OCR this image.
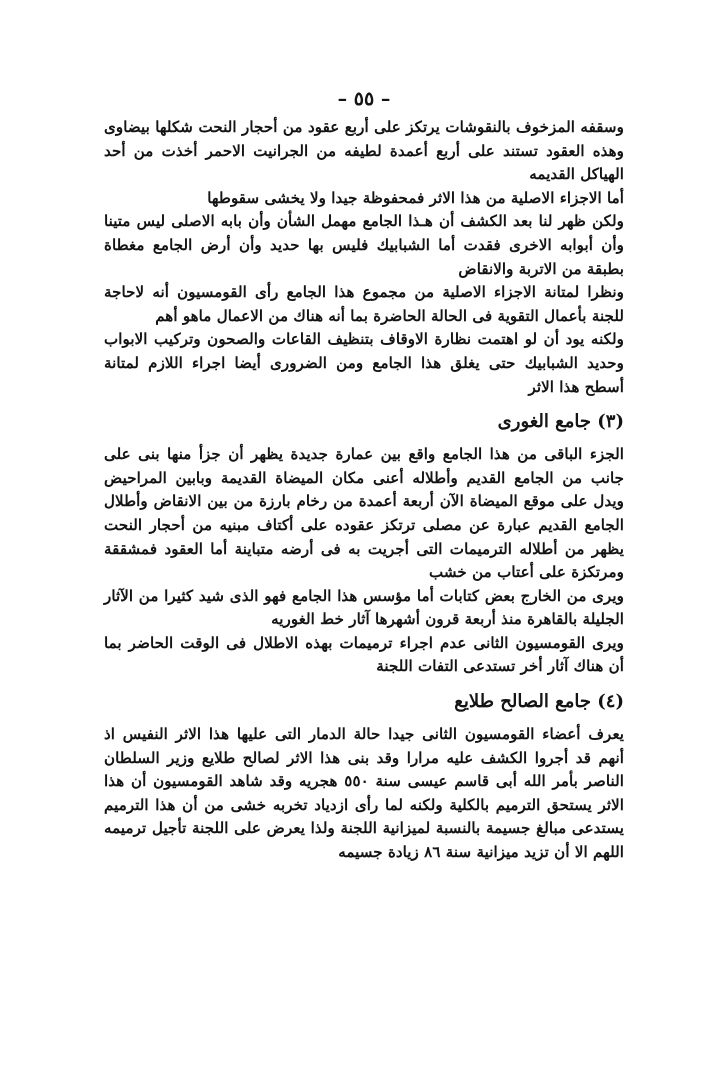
– ٥٥ –

وسقفه المزخوف بالنقوشات يرتكز على أربع عقود من أحجار النحت شكلها بيضاوى وهذه العقود تستند على أربع أعمدة لطيفه من الجرانيت الاحمر أخذت من أحد الهياكل القديمه

أما الاجزاء الاصلية من هذا الاثر فمحفوظة جيدا ولا يخشى سقوطها

ولكن ظهر لنا بعد الكشف أن هـذا الجامع مهمل الشأن وأن بابه الاصلى ليس متينا وأن أبوابه الاخرى فقدت أما الشبابيك فليس بها حديد وأن أرض الجامع مغطاة بطبقة من الاتربة والانقاض

ونظرا لمتانة الاجزاء الاصلية من مجموع هذا الجامع رأى القومسيون أنه لاحاجة للجنة بأعمال التقوية فى الحالة الحاضرة بما أنه هناك من الاعمال ماهو أهم

ولكنه يود أن لو اهتمت نظارة الاوقاف بتنظيف القاعات والصحون وتركيب الابواب وحديد الشبابيك حتى يغلق هذا الجامع ومن الضرورى أيضا اجراء اللازم لمتانة أسطح هذا الاثر

(٣) جامع الغورى

الجزء الباقى من هذا الجامع واقع بين عمارة جديدة يظهر أن جزأ منها بنى على جانب من الجامع القديم وأطلاله أعنى مكان الميضاة القديمة وبابين المراحيض ويدل على موقع الميضاة الآن أربعة أعمدة من رخام بارزة من بين الانقاض وأطلال الجامع القديم عبارة عن مصلى ترتكز عقوده على أكتاف مبنيه من أحجار النحت يظهر من أطلاله الترميمات التى أجريت به فى أرضه متباينة أما العقود فمشققة ومرتكزة على أعتاب من خشب

ويرى من الخارج بعض كتابات أما مؤسس هذا الجامع فهو الذى شيد كثيرا من الآثار الجليلة بالقاهرة منذ أربعة قرون أشهرها آثار خط الغوريه

ويرى القومسيون الثانى عدم اجراء ترميمات بهذه الاطلال فى الوقت الحاضر بما أن هناك آثار أخر تستدعى التفات اللجنة

(٤) جامع الصالح طلايع

يعرف أعضاء القومسيون الثانى جيدا حالة الدمار التى عليها هذا الاثر النفيس اذ أنهم قد أجروا الكشف عليه مرارا وقد بنى هذا الاثر لصالح طلايع وزير السلطان الناصر بأمر الله أبى قاسم عيسى سنة ٥٥٠ هجريه وقد شاهد القومسيون أن هذا الاثر يستحق الترميم بالكلية ولكنه لما رأى ازدياد تخربه خشى من أن هذا الترميم يستدعى مبالغ جسيمة بالنسبة لميزانية اللجنة ولذا يعرض على اللجنة تأجيل ترميمه اللهم الا أن تزيد ميزانية سنة ٨٦ زيادة جسيمه
